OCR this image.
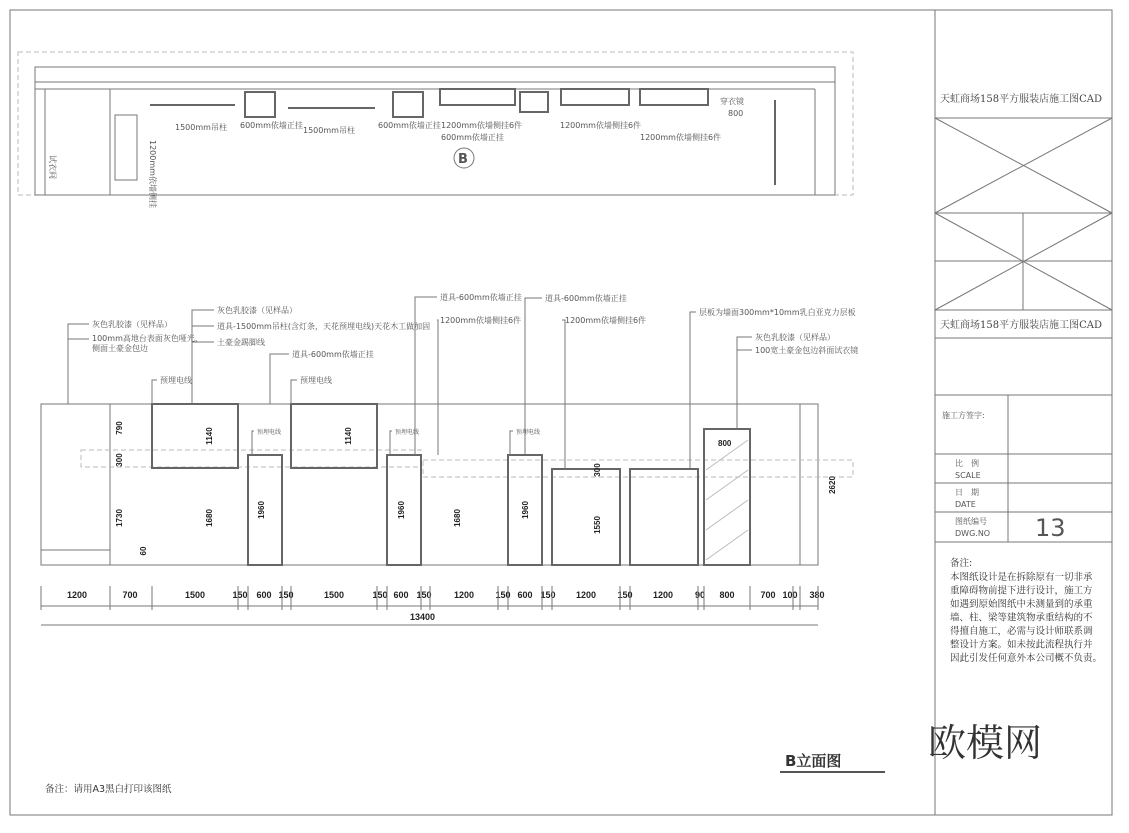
天虹商场158平方服装店施工图CAD
天虹商场158平方服装店施工图CAD
施工方签字:
比　例
SCALE
日　期
DATE
图纸编号
DWG.NO 13
备注:
本图纸设计是在拆除原有一切非承
重障碍物前提下进行设计，施工方
如遇到原始图纸中未测量到的承重
墙、柱、梁等建筑物承重结构的不
得擅自施工，必需与设计师联系调
整设计方案。如未按此流程执行并
因此引发任何意外本公司概不负责。
欧模网
B
1500mm吊柱 600mm依墙正挂
1500mm吊柱
600mm依墙正挂 1200mm依墙侧挂6件
600mm依墙正挂
1200mm依墙侧挂6件
1200mm依墙侧挂6件
1200mm依墙侧挂
试衣间
穿衣镜
800
800
790
300
1730
1140
1680	1960
1140
1960	1680	1960
300
1550
2620
60
灰色乳胶漆（见样品）
100mm高地台表面灰色哑光，侧面土豪金包边
灰色乳胶漆（见样品）
道具-1500mm吊柱(含灯条，天花预埋电线)天花木工做加固
土豪金踢脚线
道具-600mm依墙正挂
预埋电线	预埋电线
道具-600mm依墙正挂
1200mm依墙侧挂6件
道具-600mm依墙正挂
1200mm依墙侧挂6件
层板为墙面300mm*10mm乳白亚克力层板
灰色乳胶漆（见样品）
100宽土豪金包边斜面试衣镜
预埋电线	预埋电线	预埋电线
1200	700	1500	150 600 150	1500	150 600 150 1200 150 600 150 1200 150 1200 90 800	700 100 380
13400
B立面图
备注：请用A3黑白打印该图纸
